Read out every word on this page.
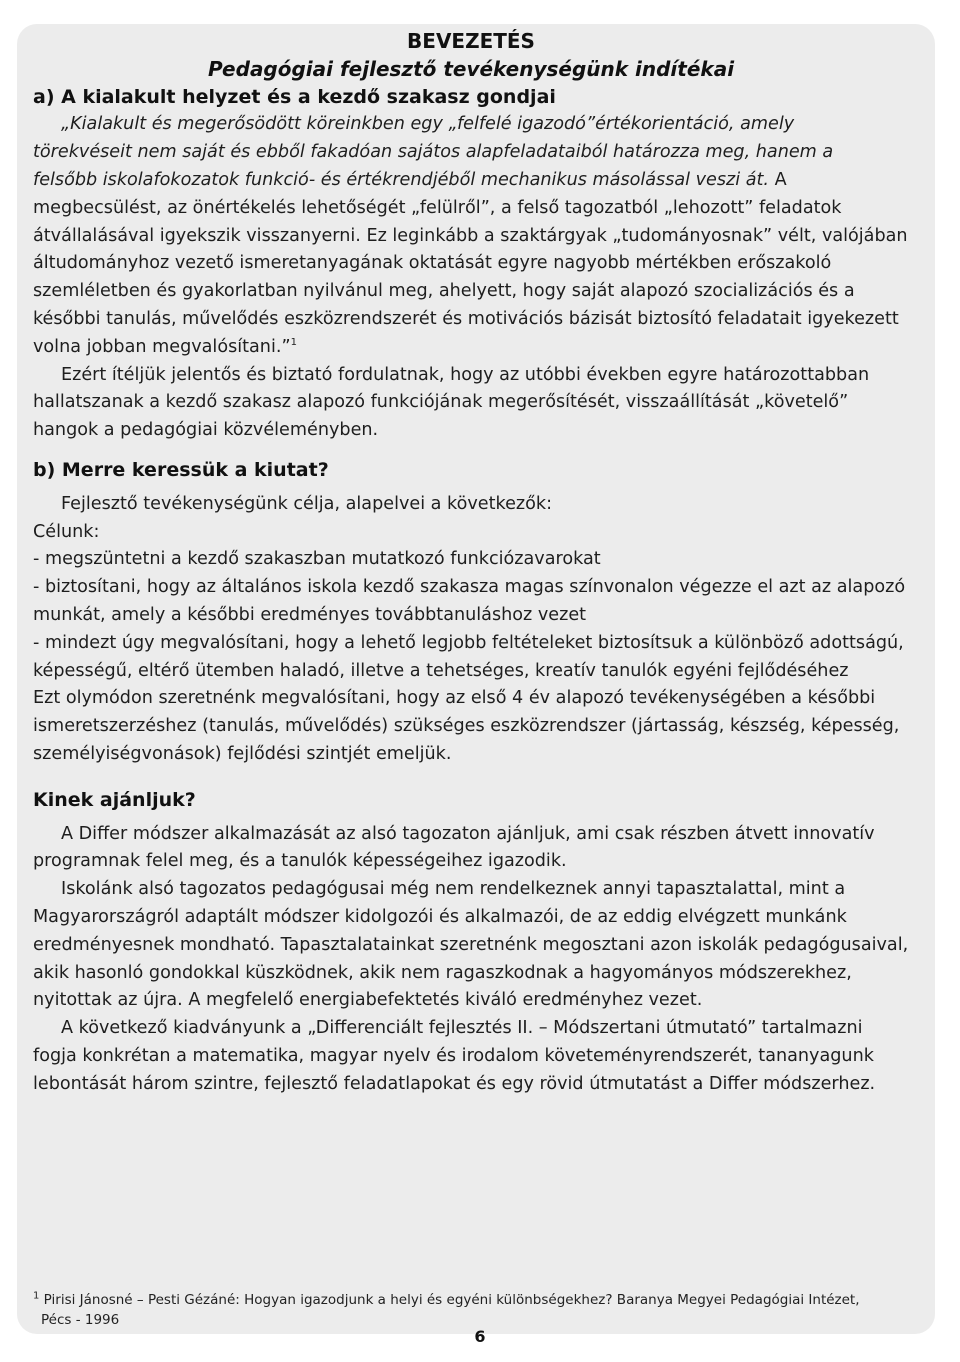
BEVEZETÉS

Pedagógiai fejlesztő tevékenységünk indítékai

a) A kialakult helyzet és a kezdő szakasz gondjai

„Kialakult és megerősödött köreinkben egy „felfelé igazodó”értékorientáció, amely
törekvéseit nem saját és ebből fakadóan sajátos alapfeladataiból határozza meg, hanem a
felsőbb iskolafokozatok funkció- és értékrendjéből mechanikus másolással veszi át. A megbecsülést, az önértékelés lehetőségét „felülről”, a felső tagozatból „lehozott” feladatok átvállalásával igyekszik visszanyerni. Ez leginkább a szaktárgyak „tudományosnak” vélt, valójában áltudományhoz vezető ismeretanyagának oktatását egyre nagyobb mértékben erőszakoló szemléletben és gyakorlatban nyilvánul meg, ahelyett, hogy saját alapozó szocializációs és a későbbi tanulás, művelődés eszközrendszerét és motivációs bázisát biztosító feladatait igyekezett volna jobban megvalósítani.”$^1$

Ezért ítéljük jelentős és biztató fordulatnak, hogy az utóbbi években egyre határozottabban hallatszanak a kezdő szakasz alapozó funkciójának megerősítését, visszaállítását „követelő” hangok a pedagógiai közvéleményben.

b) Merre keressük a kiutat?

Fejlesztő tevékenységünk célja, alapelvei a következők:

Célunk:

- megszüntetni a kezdő szakaszban mutatkozó funkciózavarokat

- biztosítani, hogy az általános iskola kezdő szakasza magas színvonalon végezze el azt az alapozó munkát, amely a későbbi eredményes továbbtanuláshoz vezet

- mindezt úgy megvalósítani, hogy a lehető legjobb feltételeket biztosítsuk a különböző adottságú, képességű, eltérő ütemben haladó, illetve a tehetséges, kreatív tanulók egyéni fejlődéséhez

Ezt olymódon szeretnénk megvalósítani, hogy az első 4 év alapozó tevékenységében a későbbi ismeretszerzéshez (tanulás, művelődés) szükséges eszközrendszer (jártasság, készség, képesség, személyiségvonások) fejlődési szintjét emeljük.

Kinek ajánljuk?

A Differ módszer alkalmazását az alsó tagozaton ajánljuk, ami csak részben átvett innovatív programnak felel meg, és a tanulók képességeihez igazodik.

Iskolánk alsó tagozatos pedagógusai még nem rendelkeznek annyi tapasztalattal, mint a Magyarországról adaptált módszer kidolgozói és alkalmazói, de az eddig elvégzett munkánk eredményesnek mondható. Tapasztalatainkat szeretnénk megosztani azon iskolák pedagógusaival, akik hasonló gondokkal küszködnek, akik nem ragaszkodnak a hagyományos módszerekhez, nyitottak az újra. A megfelelő energiabefektetés kiváló eredményhez vezet.

A következő kiadványunk a „Differenciált fejlesztés II. – Módszertani útmutató” tartalmazni fogja konkrétan a matematika, magyar nyelv és irodalom követeményrendszerét, tananyagunk lebontását három szintre, fejlesztő feladatlapokat és egy rövid útmutatást a Differ módszerhez.

$^1$ Pirisi Jánosné – Pesti Gézáné: Hogyan igazodjunk a helyi és egyéni különbségekhez? Baranya Megyei Pedagógiai Intézet,
Pécs - 1996
6
